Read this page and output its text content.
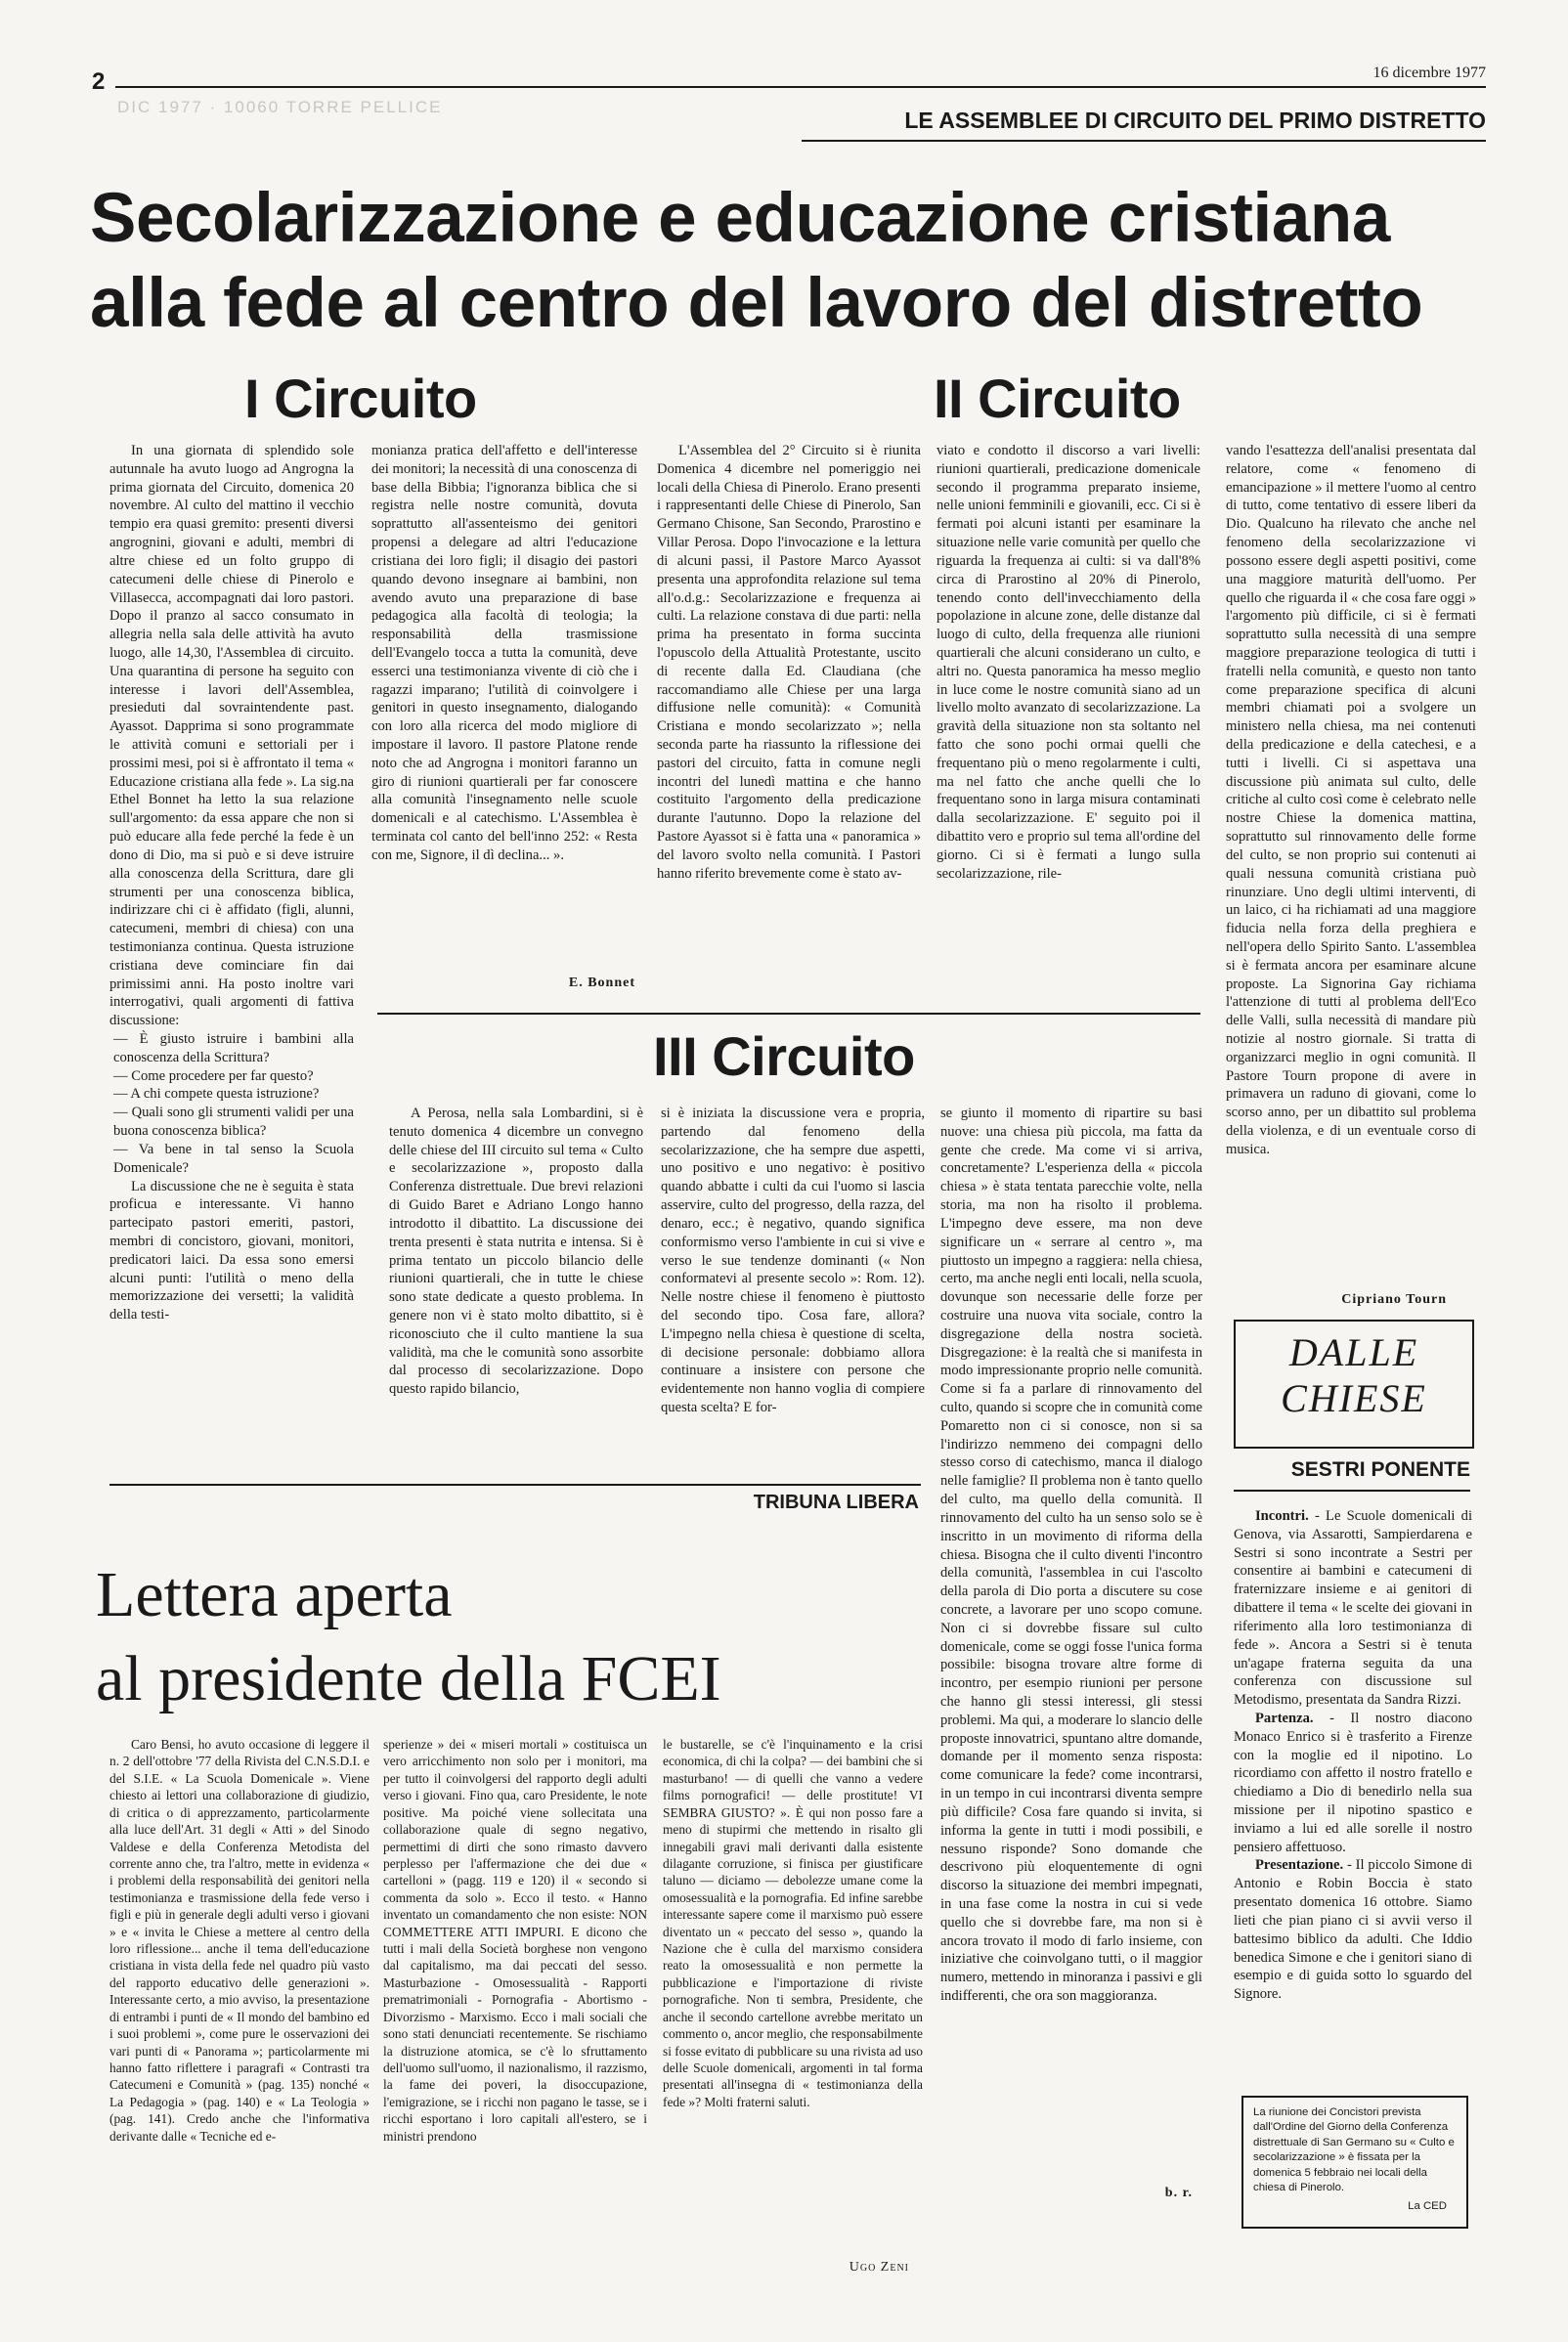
2	16 dicembre 1977
DIC 1977 · 10060 TORRE PELLICE
LE ASSEMBLEE DI CIRCUITO DEL PRIMO DISTRETTO
Secolarizzazione e educazione cristiana
alla fede al centro del lavoro del distretto
I Circuito

In una giornata di splendido sole autunnale ha avuto luogo ad Angrogna la prima giornata del Circuito, domenica 20 novembre. Al culto del mattino il vecchio tempio era quasi gremito: presenti diversi angrognini, giovani e adulti, membri di altre chiese ed un folto gruppo di catecumeni delle chiese di Pinerolo e Villasecca, accompagnati dai loro pastori. Dopo il pranzo al sacco consumato in allegria nella sala delle attività ha avuto luogo, alle 14,30, l'Assemblea di circuito. Una quarantina di persone ha seguito con interesse i lavori dell'Assemblea, presieduti dal sovraintendente past. Ayassot. Dapprima si sono programmate le attività comuni e settoriali per i prossimi mesi, poi si è affrontato il tema « Educazione cristiana alla fede ». La sig.na Ethel Bonnet ha letto la sua relazione sull'argomento: da essa appare che non si può educare alla fede perché la fede è un dono di Dio, ma si può e si deve istruire alla conoscenza della Scrittura, dare gli strumenti per una conoscenza biblica, indirizzare chi ci è affidato (figli, alunni, catecumeni, membri di chiesa) con una testimonianza continua. Questa istruzione cristiana deve cominciare fin dai primissimi anni. Ha posto inoltre vari interrogativi, quali argomenti di fattiva discussione:

— È giusto istruire i bambini alla conoscenza della Scrittura?
— Come procedere per far questo?
— A chi compete questa istruzione?
— Quali sono gli strumenti validi per una buona conoscenza biblica?
— Va bene in tal senso la Scuola Domenicale?

La discussione che ne è seguita è stata proficua e interessante. Vi hanno partecipato pastori emeriti, pastori, membri di concistoro, giovani, monitori, predicatori laici. Da essa sono emersi alcuni punti: l'utilità o meno della memorizzazione dei versetti; la validità della testi-

monianza pratica dell'affetto e dell'interesse dei monitori; la necessità di una conoscenza di base della Bibbia; l'ignoranza biblica che si registra nelle nostre comunità, dovuta soprattutto all'assenteismo dei genitori propensi a delegare ad altri l'educazione cristiana dei loro figli; il disagio dei pastori quando devono insegnare ai bambini, non avendo avuto una preparazione di base pedagogica alla facoltà di teologia; la responsabilità della trasmissione dell'Evangelo tocca a tutta la comunità, deve esserci una testimonianza vivente di ciò che i ragazzi imparano; l'utilità di coinvolgere i genitori in questo insegnamento, dialogando con loro alla ricerca del modo migliore di impostare il lavoro. Il pastore Platone rende noto che ad Angrogna i monitori faranno un giro di riunioni quartierali per far conoscere alla comunità l'insegnamento nelle scuole domenicali e al catechismo. L'Assemblea è terminata col canto del bell'inno 252: « Resta con me, Signore, il dì declina... ».

E. Bonnet
II Circuito

L'Assemblea del 2° Circuito si è riunita Domenica 4 dicembre nel pomeriggio nei locali della Chiesa di Pinerolo. Erano presenti i rappresentanti delle Chiese di Pinerolo, San Germano Chisone, San Secondo, Prarostino e Villar Perosa. Dopo l'invocazione e la lettura di alcuni passi, il Pastore Marco Ayassot presenta una approfondita relazione sul tema all'o.d.g.: Secolarizzazione e frequenza ai culti. La relazione constava di due parti: nella prima ha presentato in forma succinta l'opuscolo della Attualità Protestante, uscito di recente dalla Ed. Claudiana (che raccomandiamo alle Chiese per una larga diffusione nelle comunità): « Comunità Cristiana e mondo secolarizzato »; nella seconda parte ha riassunto la riflessione dei pastori del circuito, fatta in comune negli incontri del lunedì mattina e che hanno costituito l'argomento della predicazione durante l'autunno. Dopo la relazione del Pastore Ayassot si è fatta una « panoramica » del lavoro svolto nella comunità. I Pastori hanno riferito brevemente come è stato av-

viato e condotto il discorso a vari livelli: riunioni quartierali, predicazione domenicale secondo il programma preparato insieme, nelle unioni femminili e giovanili, ecc. Ci si è fermati poi alcuni istanti per esaminare la situazione nelle varie comunità per quello che riguarda la frequenza ai culti: si va dall'8% circa di Prarostino al 20% di Pinerolo, tenendo conto dell'invecchiamento della popolazione in alcune zone, delle distanze dal luogo di culto, della frequenza alle riunioni quartierali che alcuni considerano un culto, e altri no. Questa panoramica ha messo meglio in luce come le nostre comunità siano ad un livello molto avanzato di secolarizzazione. La gravità della situazione non sta soltanto nel fatto che sono pochi ormai quelli che frequentano più o meno regolarmente i culti, ma nel fatto che anche quelli che lo frequentano sono in larga misura contaminati dalla secolarizzazione. E' seguito poi il dibattito vero e proprio sul tema all'ordine del giorno. Ci si è fermati a lungo sulla secolarizzazione, rile-

vando l'esattezza dell'analisi presentata dal relatore, come « fenomeno di emancipazione » il mettere l'uomo al centro di tutto, come tentativo di essere liberi da Dio. Qualcuno ha rilevato che anche nel fenomeno della secolarizzazione vi possono essere degli aspetti positivi, come una maggiore maturità dell'uomo. Per quello che riguarda il « che cosa fare oggi » l'argomento più difficile, ci si è fermati soprattutto sulla necessità di una sempre maggiore preparazione teologica di tutti i fratelli nella comunità, e questo non tanto come preparazione specifica di alcuni membri chiamati poi a svolgere un ministero nella chiesa, ma nei contenuti della predicazione e della catechesi, e a tutti i livelli. Ci si aspettava una discussione più animata sul culto, delle critiche al culto così come è celebrato nelle nostre Chiese la domenica mattina, soprattutto sul rinnovamento delle forme del culto, se non proprio sui contenuti ai quali nessuna comunità cristiana può rinunziare. Uno degli ultimi interventi, di un laico, ci ha richiamati ad una maggiore fiducia nella forza della preghiera e nell'opera dello Spirito Santo. L'assemblea si è fermata ancora per esaminare alcune proposte. La Signorina Gay richiama l'attenzione di tutti al problema dell'Eco delle Valli, sulla necessità di mandare più notizie al nostro giornale. Si tratta di organizzarci meglio in ogni comunità. Il Pastore Tourn propone di avere in primavera un raduno di giovani, come lo scorso anno, per un dibattito sul problema della violenza, e di un eventuale corso di musica.

Cipriano Tourn
III Circuito

A Perosa, nella sala Lombardini, si è tenuto domenica 4 dicembre un convegno delle chiese del III circuito sul tema « Culto e secolarizzazione », proposto dalla Conferenza distrettuale. Due brevi relazioni di Guido Baret e Adriano Longo hanno introdotto il dibattito. La discussione dei trenta presenti è stata nutrita e intensa. Si è prima tentato un piccolo bilancio delle riunioni quartierali, che in tutte le chiese sono state dedicate a questo problema. In genere non vi è stato molto dibattito, si è riconosciuto che il culto mantiene la sua validità, ma che le comunità sono assorbite dal processo di secolarizzazione. Dopo questo rapido bilancio,

si è iniziata la discussione vera e propria, partendo dal fenomeno della secolarizzazione, che ha sempre due aspetti, uno positivo e uno negativo: è positivo quando abbatte i culti da cui l'uomo si lascia asservire, culto del progresso, della razza, del denaro, ecc.; è negativo, quando significa conformismo verso l'ambiente in cui si vive e verso le sue tendenze dominanti (« Non conformatevi al presente secolo »: Rom. 12). Nelle nostre chiese il fenomeno è piuttosto del secondo tipo. Cosa fare, allora? L'impegno nella chiesa è questione di scelta, di decisione personale: dobbiamo allora continuare a insistere con persone che evidentemente non hanno voglia di compiere questa scelta? E for-

se giunto il momento di ripartire su basi nuove: una chiesa più piccola, ma fatta da gente che crede. Ma come vi si arriva, concretamente? L'esperienza della « piccola chiesa » è stata tentata parecchie volte, nella storia, ma non ha risolto il problema. L'impegno deve essere, ma non deve significare un « serrare al centro », ma piuttosto un impegno a raggiera: nella chiesa, certo, ma anche negli enti locali, nella scuola, dovunque son necessarie delle forze per costruire una nuova vita sociale, contro la disgregazione della nostra società. Disgregazione: è la realtà che si manifesta in modo impressionante proprio nelle comunità. Come si fa a parlare di rinnovamento del culto, quando si scopre che in comunità come Pomaretto non ci si conosce, non si sa l'indirizzo nemmeno dei compagni dello stesso corso di catechismo, manca il dialogo nelle famiglie? Il problema non è tanto quello del culto, ma quello della comunità. Il rinnovamento del culto ha un senso solo se è inscritto in un movimento di riforma della chiesa. Bisogna che il culto diventi l'incontro della comunità, l'assemblea in cui l'ascolto della parola di Dio porta a discutere su cose concrete, a lavorare per uno scopo comune. Non ci si dovrebbe fissare sul culto domenicale, come se oggi fosse l'unica forma possibile: bisogna trovare altre forme di incontro, per esempio riunioni per persone che hanno gli stessi interessi, gli stessi problemi. Ma qui, a moderare lo slancio delle proposte innovatrici, spuntano altre domande, domande per il momento senza risposta: come comunicare la fede? come incontrarsi, in un tempo in cui incontrarsi diventa sempre più difficile? Cosa fare quando si invita, si informa la gente in tutti i modi possibili, e nessuno risponde? Sono domande che descrivono più eloquentemente di ogni discorso la situazione dei membri impegnati, in una fase come la nostra in cui si vede quello che si dovrebbe fare, ma non si è ancora trovato il modo di farlo insieme, con iniziative che coinvolgano tutti, o il maggior numero, mettendo in minoranza i passivi e gli indifferenti, che ora son maggioranza.

b. r.
TRIBUNA LIBERA
Lettera aperta
al presidente della FCEI

Caro Bensi, ho avuto occasione di leggere il n. 2 dell'ottobre '77 della Rivista del C.N.S.D.I. e del S.I.E. « La Scuola Domenicale ». Viene chiesto ai lettori una collaborazione di giudizio, di critica o di apprezzamento, particolarmente alla luce dell'Art. 31 degli « Atti » del Sinodo Valdese e della Conferenza Metodista del corrente anno che, tra l'altro, mette in evidenza « i problemi della responsabilità dei genitori nella testimonianza e trasmissione della fede verso i figli e più in generale degli adulti verso i giovani » e « invita le Chiese a mettere al centro della loro riflessione... anche il tema dell'educazione cristiana in vista della fede nel quadro più vasto del rapporto educativo delle generazioni ». Interessante certo, a mio avviso, la presentazione di entrambi i punti de « Il mondo del bambino ed i suoi problemi », come pure le osservazioni dei vari punti di « Panorama »; particolarmente mi hanno fatto riflettere i paragrafi « Contrasti tra Catecumeni e Comunità » (pag. 135) nonché « La Pedagogia » (pag. 140) e « La Teologia » (pag. 141). Credo anche che l'informativa derivante dalle « Tecniche ed e-

sperienze » dei « miseri mortali » costituisca un vero arricchimento non solo per i monitori, ma per tutto il coinvolgersi del rapporto degli adulti verso i giovani. Fino qua, caro Presidente, le note positive. Ma poiché viene sollecitata una collaborazione quale di segno negativo, permettimi di dirti che sono rimasto davvero perplesso per l'affermazione che dei due « cartelloni » (pagg. 119 e 120) il « secondo si commenta da solo ». Ecco il testo. « Hanno inventato un comandamento che non esiste: NON COMMETTERE ATTI IMPURI. E dicono che tutti i mali della Società borghese non vengono dal capitalismo, ma dai peccati del sesso. Masturbazione - Omosessualità - Rapporti prematrimoniali - Pornografia - Abortismo - Divorzismo - Marxismo. Ecco i mali sociali che sono stati denunciati recentemente. Se rischiamo la distruzione atomica, se c'è lo sfruttamento dell'uomo sull'uomo, il nazionalismo, il razzismo, la fame dei poveri, la disoccupazione, l'emigrazione, se i ricchi non pagano le tasse, se i ricchi esportano i loro capitali all'estero, se i ministri prendono

le bustarelle, se c'è l'inquinamento e la crisi economica, di chi la colpa? — dei bambini che si masturbano! — di quelli che vanno a vedere films pornografici! — delle prostitute! VI SEMBRA GIUSTO? ». È qui non posso fare a meno di stupirmi che mettendo in risalto gli innegabili gravi mali derivanti dalla esistente dilagante corruzione, si finisca per giustificare taluno — diciamo — debolezze umane come la omosessualità e la pornografia. Ed infine sarebbe interessante sapere come il marxismo può essere diventato un « peccato del sesso », quando la Nazione che è culla del marxismo considera reato la omosessualità e non permette la pubblicazione e l'importazione di riviste pornografiche. Non ti sembra, Presidente, che anche il secondo cartellone avrebbe meritato un commento o, ancor meglio, che responsabilmente si fosse evitato di pubblicare su una rivista ad uso delle Scuole domenicali, argomenti in tal forma presentati all'insegna di « testimonianza della fede »? Molti fraterni saluti.

Ugo Zeni
DALLE
CHIESE
SESTRI PONENTE

Incontri. - Le Scuole domenicali di Genova, via Assarotti, Sampierdarena e Sestri si sono incontrate a Sestri per consentire ai bambini e catecumeni di fraternizzare insieme e ai genitori di dibattere il tema « le scelte dei giovani in riferimento alla loro testimonianza di fede ». Ancora a Sestri si è tenuta un'agape fraterna seguita da una conferenza con discussione sul Metodismo, presentata da Sandra Rizzi.

Partenza. - Il nostro diacono Monaco Enrico si è trasferito a Firenze con la moglie ed il nipotino. Lo ricordiamo con affetto il nostro fratello e chiediamo a Dio di benedirlo nella sua missione per il nipotino spastico e inviamo a lui ed alle sorelle il nostro pensiero affettuoso.

Presentazione. - Il piccolo Simone di Antonio e Robin Boccia è stato presentato domenica 16 ottobre. Siamo lieti che pian piano ci si avvii verso il battesimo biblico da adulti. Che Iddio benedica Simone e che i genitori siano di esempio e di guida sotto lo sguardo del Signore.

La riunione dei Concistori prevista dall'Ordine del Giorno della Conferenza distrettuale di San Germano su « Culto e secolarizzazione » è fissata per la domenica 5 febbraio nei locali della chiesa di Pinerolo.
La CED
